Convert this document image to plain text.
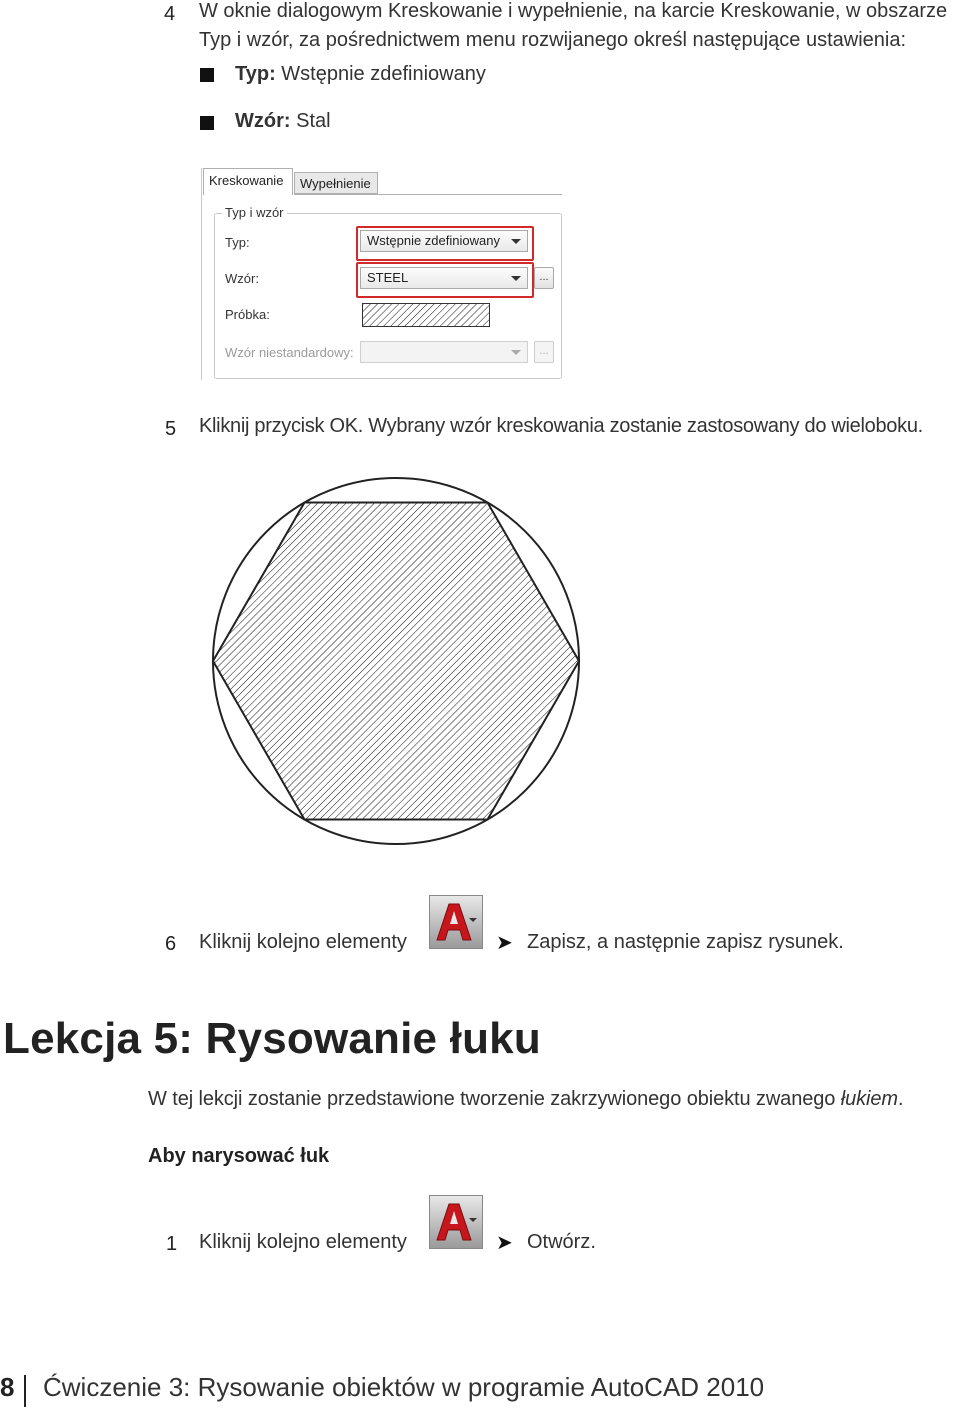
4 W oknie dialogowym Kreskowanie i wypełnienie, na karcie Kreskowanie, w obszarze
Typ i wzór, za pośrednictwem menu rozwijanego określ następujące ustawienia:
Typ: Wstępnie zdefiniowany
Wzór: Stal
Kreskowanie	Wypełnienie
Typ i wzór
Typ:	Wstępnie zdefiniowany
Wzór:	STEEL	...
Próbka:
Wzór niestandardowy:	...
5 Kliknij przycisk OK. Wybrany wzór kreskowania zostanie zastosowany do wieloboku.
6 Kliknij kolejno elementy	➤ Zapisz, a następnie zapisz rysunek.
Lekcja 5: Rysowanie łuku
W tej lekcji zostanie przedstawione tworzenie zakrzywionego obiektu zwanego łukiem.
Aby narysować łuk
1 Kliknij kolejno elementy	➤ Otwórz.
8 Ćwiczenie 3: Rysowanie obiektów w programie AutoCAD 2010
